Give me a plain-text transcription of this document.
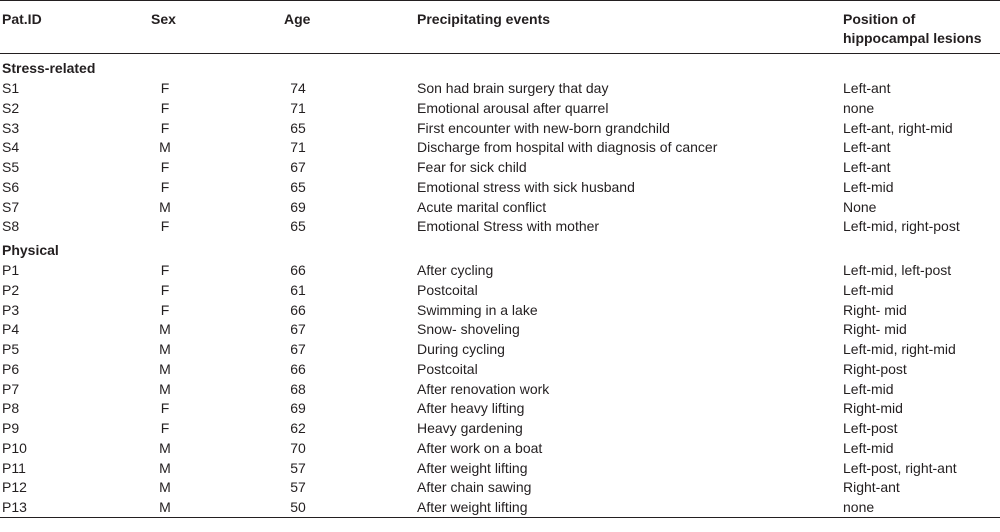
Pat.ID	Sex	Age	Precipitating events	Position of
hippocampal lesions
Stress-related
S1	F	74	Son had brain surgery that day	Left-ant
S2	F	71	Emotional arousal after quarrel	none
S3	F	65	First encounter with new-born grandchild	Left-ant, right-mid
S4	M	71	Discharge from hospital with diagnosis of cancer	Left-ant
S5	F	67	Fear for sick child	Left-ant
S6	F	65	Emotional stress with sick husband	Left-mid
S7	M	69	Acute marital conflict	None
S8	F	65	Emotional Stress with mother	Left-mid, right-post
Physical
P1	F	66	After cycling	Left-mid, left-post
P2	F	61	Postcoital	Left-mid
P3	F	66	Swimming in a lake	Right- mid
P4	M	67	Snow- shoveling	Right- mid
P5	M	67	During cycling	Left-mid, right-mid
P6	M	66	Postcoital	Right-post
P7	M	68	After renovation work	Left-mid
P8	F	69	After heavy lifting	Right-mid
P9	F	62	Heavy gardening	Left-post
P10	M	70	After work on a boat	Left-mid
P11	M	57	After weight lifting	Left-post, right-ant
P12	M	57	After chain sawing	Right-ant
P13	M	50	After weight lifting	none
